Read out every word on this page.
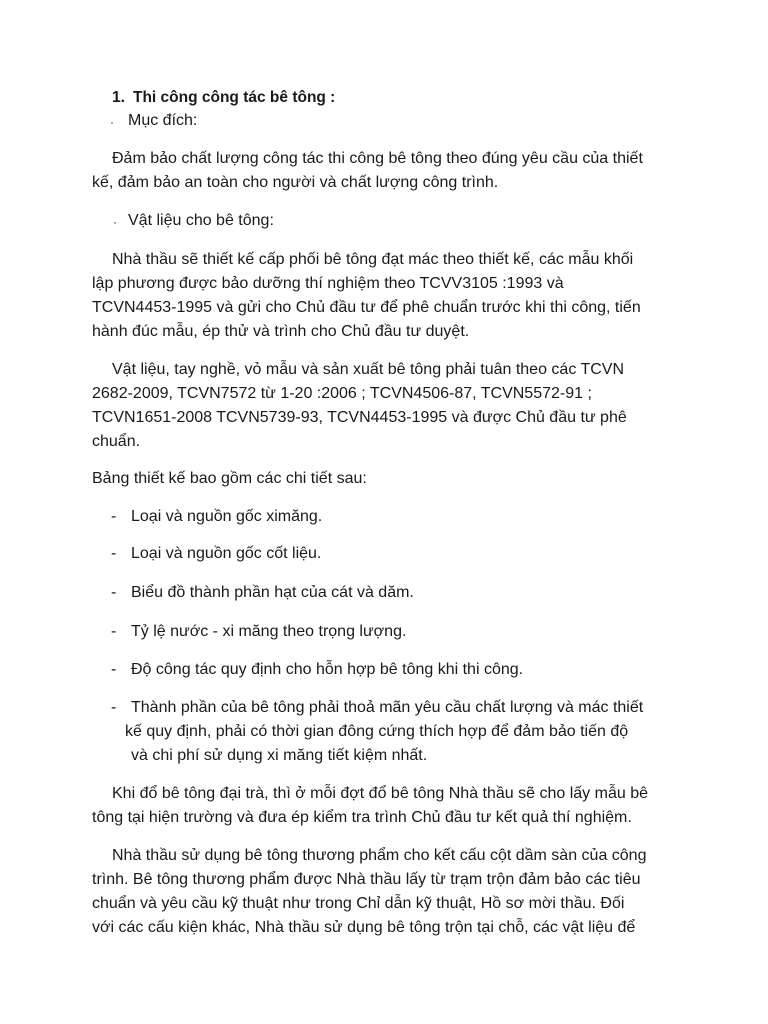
1. Thi công công tác bê tông :

· Mục đích:

Đảm bảo chất lượng công tác thi công bê tông theo đúng yêu cầu của thiết
kế, đảm bảo an toàn cho người và chất lượng công trình.

· Vật liệu cho bê tông:

Nhà thầu sẽ thiết kế cấp phối bê tông đạt mác theo thiết kế, các mẫu khối
lập phương được bảo dưỡng thí nghiệm theo TCVV3105 :1993 và
TCVN4453-1995 và gửi cho Chủ đầu tư để phê chuẩn trước khi thi công, tiến
hành đúc mẫu, ép thử và trình cho Chủ đầu tư duyệt.

Vật liệu, tay nghề, vỏ mẫu và sản xuất bê tông phải tuân theo các TCVN
2682-2009, TCVN7572 từ 1-20 :2006 ; TCVN4506-87, TCVN5572-91 ;
TCVN1651-2008 TCVN5739-93, TCVN4453-1995 và được Chủ đầu tư phê
chuẩn.

Bảng thiết kế bao gồm các chi tiết sau:

- Loại và nguồn gốc ximăng.

- Loại và nguồn gốc cốt liệu.

- Biểu đồ thành phần hạt của cát và dăm.

- Tỷ lệ nước - xi măng theo trọng lượng.

- Độ công tác quy định cho hỗn hợp bê tông khi thi công.

- Thành phần của bê tông phải thoả mãn yêu cầu chất lượng và mác thiết
kế quy định, phải có thời gian đông cứng thích hợp để đảm bảo tiến độ
và chi phí sử dụng xi măng tiết kiệm nhất.

Khi đổ bê tông đại trà, thì ở mỗi đợt đổ bê tông Nhà thầu sẽ cho lấy mẫu bê
tông tại hiện trường và đưa ép kiểm tra trình Chủ đầu tư kết quả thí nghiệm.

Nhà thầu sử dụng bê tông thương phẩm cho kết cấu cột dầm sàn của công
trình. Bê tông thương phẩm được Nhà thầu lấy từ trạm trộn đảm bảo các tiêu
chuẩn và yêu cầu kỹ thuật như trong Chỉ dẫn kỹ thuật, Hồ sơ mời thầu. Đối
với các cấu kiện khác, Nhà thầu sử dụng bê tông trộn tại chỗ, các vật liệu để
